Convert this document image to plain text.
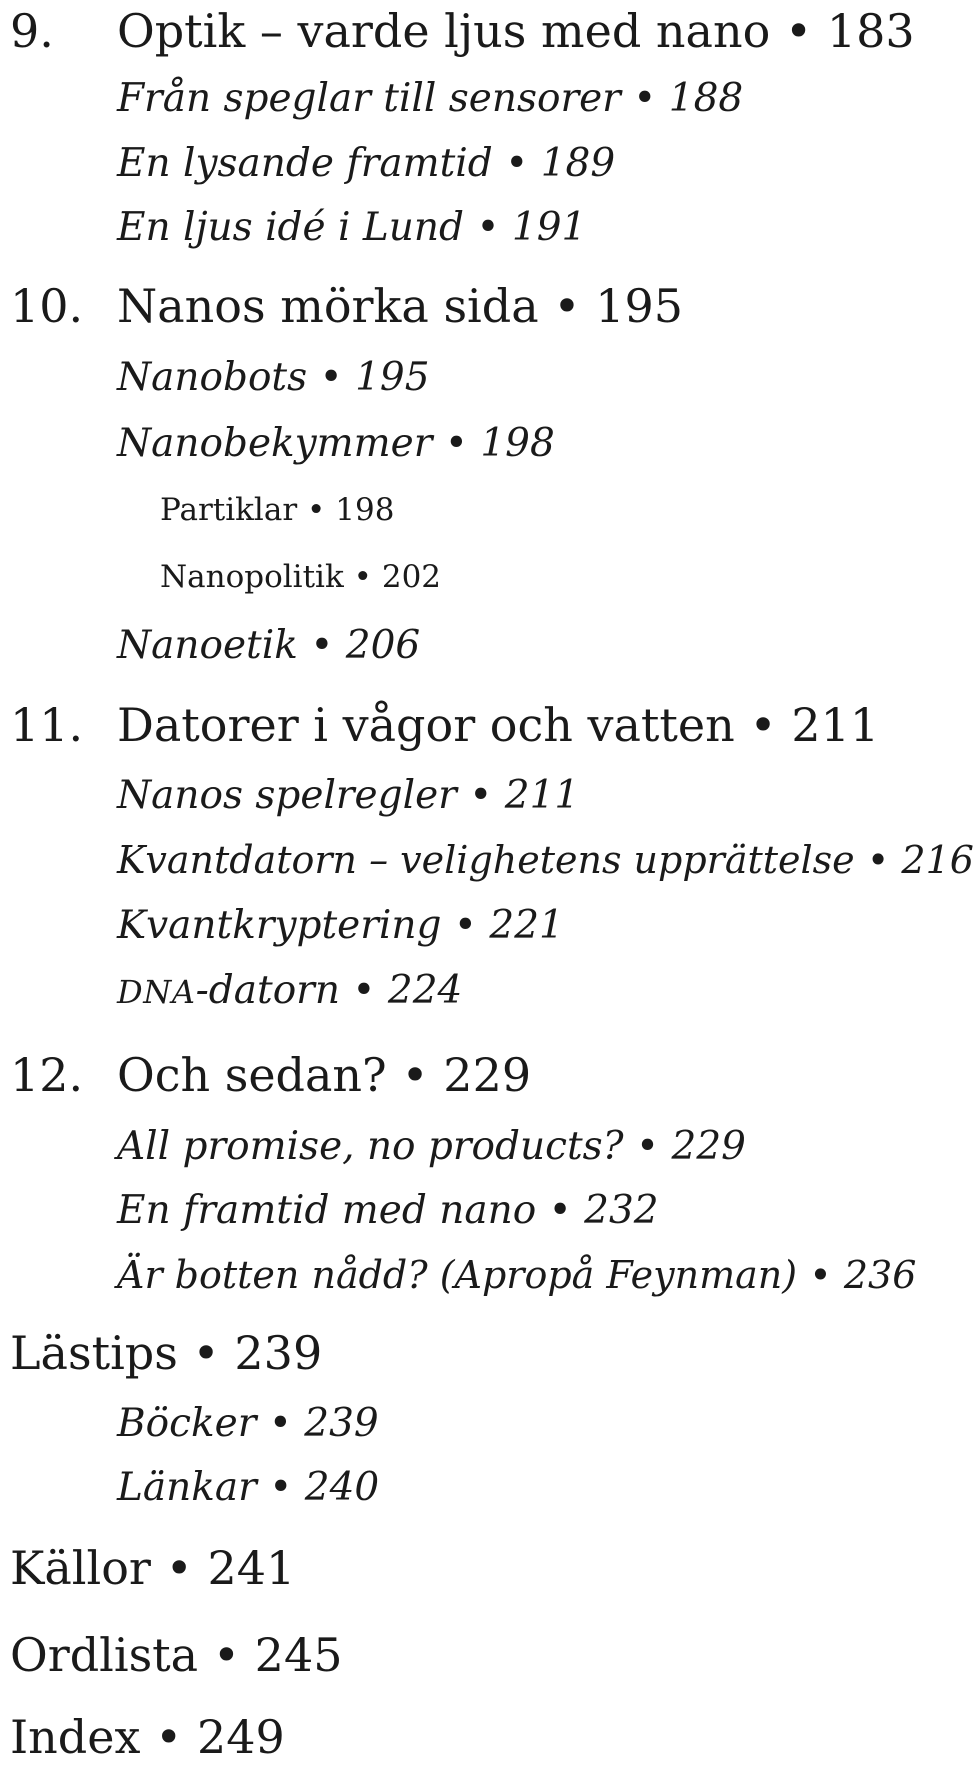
9. Optik – varde ljus med nano • 183
Från speglar till sensorer • 188
En lysande framtid • 189
En ljus idé i Lund • 191
10. Nanos mörka sida • 195
Nanobots • 195
Nanobekymmer • 198
Partiklar • 198
Nanopolitik • 202
Nanoetik • 206
11. Datorer i vågor och vatten • 211
Nanos spelregler • 211
Kvantdatorn – velighetens upprättelse • 216
Kvantkryptering • 221
DNA-datorn • 224
12. Och sedan? • 229
All promise, no products? • 229
En framtid med nano • 232
Är botten nådd? (Apropå Feynman) • 236
Lästips • 239
Böcker • 239
Länkar • 240
Källor • 241
Ordlista • 245
Index • 249
